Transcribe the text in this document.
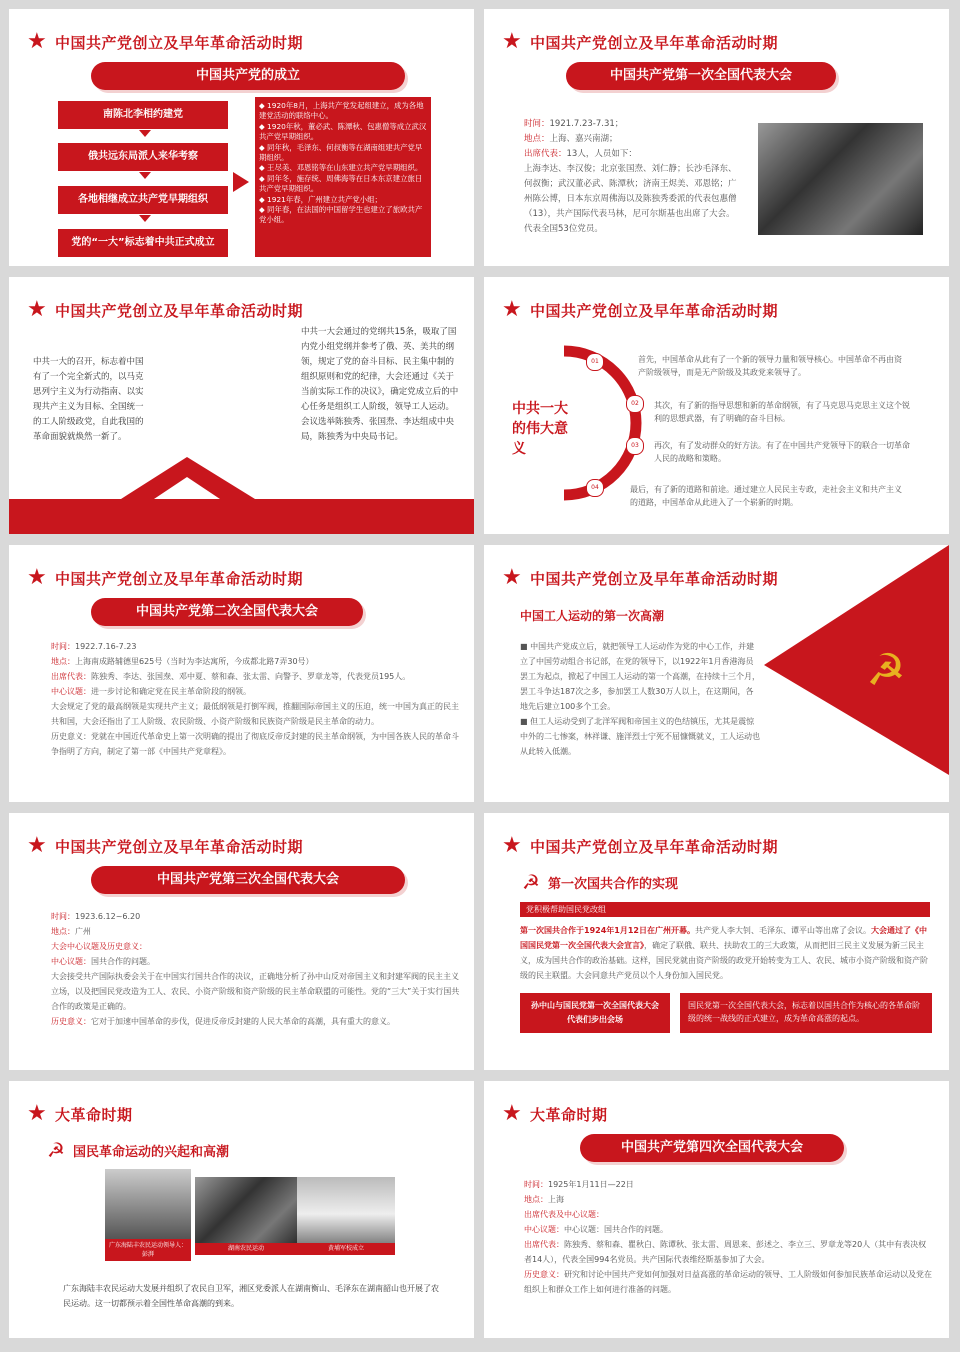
★ 中国共产党创立及早年革命活动时期
中国共产党的成立
南陈北李相约建党
俄共远东局派人来华考察
各地相继成立共产党早期组织
党的“一大”标志着中共正式成立
◆ 1920年8月，上海共产党发起组建立，成为各地建党活动的联络中心。
◆ 1920年秋，董必武、陈潭秋、包惠僧等成立武汉共产党早期组织。
◆ 同年秋，毛泽东、何叔衡等在湖南组建共产党早期组织。
◆ 王尽美、邓恩铭等在山东建立共产党早期组织。
◆ 同年冬，施存统、周佛海等在日本东京建立旅日共产党早期组织。
◆ 1921年春，广州建立共产党小组；
◆ 同年春，在法国的中国留学生也建立了旅欧共产党小组。
★ 中国共产党创立及早年革命活动时期
中国共产党第一次全国代表大会
时间：1921.7.23-7.31；
地点：上海、嘉兴南湖；
出席代表：13人，人员如下：
上海李达、李汉俊；北京张国焘、刘仁静；长沙毛泽东、何叔衡；武汉董必武、陈潭秋；济南王烬美、邓恩铭；广州陈公博，日本东京周佛海以及陈独秀委派的代表包惠僧（13），共产国际代表马林，尼可尔斯基也出席了大会。代表全国53位党员。
★ 中国共产党创立及早年革命活动时期
中共一大的召开，标志着中国有了一个完全新式的，以马克思列宁主义为行动指南、以实现共产主义为目标、全国统一的工人阶级政党，自此我国的革命面貌就焕然一新了。
中共一大会通过的党纲共15条，吸取了国内党小组党纲并参考了俄、英、美共的纲领，规定了党的奋斗目标、民主集中制的组织原则和党的纪律，大会还通过《关于当前实际工作的决议》，确定党成立后的中心任务是组织工人阶级，领导工人运动。会议选举陈独秀、张国焘、李达组成中央局，陈独秀为中央局书记。
★ 中国共产党创立及早年革命活动时期
中共一大的伟大意义
01
02
03
04
首先，中国革命从此有了一个新的领导力量和领导核心。中国革命不再由资产阶级领导，而是无产阶级及其政党来领导了。
其次，有了新的指导思想和新的革命纲领，有了马克思马克思主义这个锐利的思想武器，有了明确的奋斗目标。
再次，有了发动群众的好方法。有了在中国共产党领导下的联合一切革命人民的战略和策略。
最后，有了新的道路和前途。通过建立人民民主专政，走社会主义和共产主义的道路，中国革命从此进入了一个崭新的时期。
★ 中国共产党创立及早年革命活动时期
中国共产党第二次全国代表大会
时间：1922.7.16-7.23
地点：上海南成路辅德里625号（当时为李达寓所，今成都北路7弄30号）
出席代表：陈独秀、李达、张国焘、邓中夏、蔡和森、张太雷、向警予、罗章龙等，代表党员195人。
中心议题：进一步讨论和确定党在民主革命阶段的纲领。
大会规定了党的最高纲领是实现共产主义；最低纲领是打倒军阀，推翻国际帝国主义的压迫，统一中国为真正的民主共和国，大会还指出了工人阶级、农民阶级、小资产阶级和民族资产阶级是民主革命的动力。
历史意义：党就在中国近代革命史上第一次明确的提出了彻底反帝反封建的民主革命纲领，为中国各族人民的革命斗争指明了方向，制定了第一部《中国共产党章程》。
★ 中国共产党创立及早年革命活动时期
中国工人运动的第一次高潮
■ 中国共产党成立后，就把领导工人运动作为党的中心工作，并建立了中国劳动组合书记部，在党的领导下，以1922年1月香港海员罢工为起点，掀起了中国工人运动的第一个高潮，在持续十三个月，罢工斗争达187次之多，参加罢工人数30万人以上，在这期间，各地先后建立100多个工会。
■ 但工人运动受到了北洋军阀和帝国主义的色结镇压，尤其是震惊中外的二七惨案，林祥谦、施洋烈士宁死不屈慷慨就义，工人运动也从此转入低潮。
☭
★ 中国共产党创立及早年革命活动时期
中国共产党第三次全国代表大会
时间：1923.6.12~6.20
地点：广州
大会中心议题及历史意义：
中心议题：国共合作的问题。
大会接受共产国际执委会关于在中国实行国共合作的决议，正确地分析了孙中山反对帝国主义和封建军阀的民主主义立场，以及把国民党改造为工人、农民、小资产阶级和资产阶级的民主革命联盟的可能性。党的“三大”关于实行国共合作的政策是正确的。
历史意义：它对于加速中国革命的步伐，促进反帝反封建的人民大革命的高潮，具有重大的意义。
★ 中国共产党创立及早年革命活动时期
☭ 第一次国共合作的实现
党积极帮助国民党改组
第一次国共合作于1924年1月12日在广州开幕。共产党人李大钊、毛泽东、谭平山等出席了会议。大会通过了《中国国民党第一次全国代表大会宣言》，确定了联俄、联共、扶助农工的三大政策，从而把旧三民主义发展为新三民主义，成为国共合作的政治基础。这样，国民党就由资产阶级的政党开始转变为工人、农民、城市小资产阶级和资产阶级的民主联盟。大会同意共产党员以个人身份加入国民党。
孙中山与国民党第一次全国代表大会代表们步出会场
国民党第一次全国代表大会，标志着以国共合作为核心的各革命阶级的统一战线的正式建立，成为革命高涨的起点。
★ 大革命时期
☭ 国民革命运动的兴起和高潮
广东海陆丰农民运动领导人：彭湃
湖南农民运动	黄埔军校成立
广东海陆丰农民运动大发展并组织了农民自卫军，湘区党委派人在湖南衡山、毛泽东在湖南韶山也开展了农民运动。这一切都预示着全国性革命高潮的到来。
★ 大革命时期
中国共产党第四次全国代表大会
时间：1925年1月11日—22日
地点：上海
出席代表及中心议题：
中心议题：中心议题：国共合作的问题。
出席代表：陈独秀、蔡和森、瞿秋白、陈谭秋、张太雷、周恩来、彭述之、李立三、罗章龙等20人（其中有表决权者14人），代表全国994名党员。共产国际代表维经斯基参加了大会。
历史意义：研究和讨论中国共产党如何加强对日益高涨的革命运动的领导、工人阶级如何参加民族革命运动以及党在组织上和群众工作上如何进行准备的问题。
